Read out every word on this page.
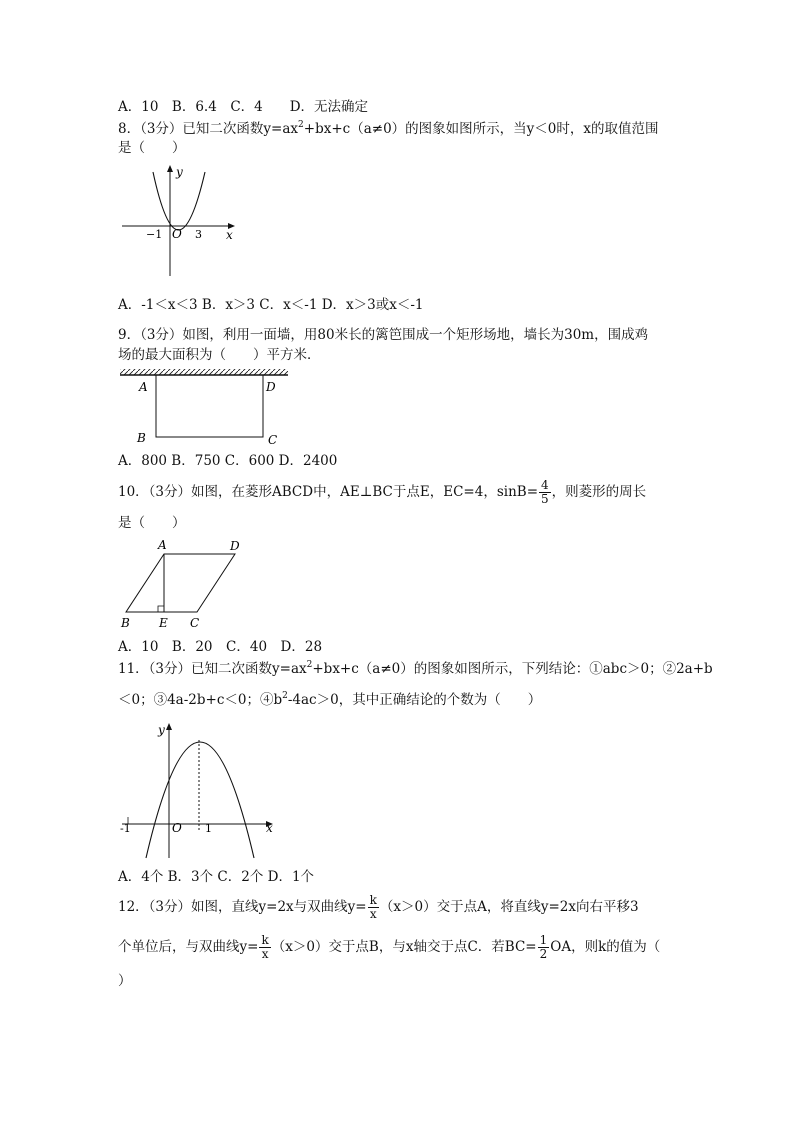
A．10　B．6.4　C．4　　D．无法确定
8．（3分）已知二次函数$y=ax^2+bx+c(a\ne 0)$的图象如图所示，当y＜0时，x的取值范围
是（　　）
y
x
−1 O 3
A．-1＜x＜3 B．x＞3 C．x＜-1 D．x＞3或x＜-1
9．（3分）如图，利用一面墙，用80米长的篱笆围成一个矩形场地，墙长为30m，围成鸡
场的最大面积为（　　）平方米．
A	D
B	C
A．800 B．750 C．600 D．2400
10．（3分）如图，在菱形ABCD中，AE⊥BC于点E，EC=4，$\sin B= \frac{4}{5}$ ，则菱形的周长
是（　　）
A	D
B E C
A．10　B．20　C．40　D．28
11．（3分）已知二次函数$y=ax^2+bx+c(a\ne 0)$的图象如图所示，下列结论：①abc＞0；②2a+b
＜0；③4a-2b+c＜0；$④b^2-4ac>0$，其中正确结论的个数为（　　）
y
x
-1	O 1
A．4个 B．3个 C．2个 D．1个
12．（3分）如图，直线y=2x与双曲线$y= \frac{k}{x} (x>0)$交于点A，将直线y=2x向右平移3
个单位后，与双曲线$y= \frac{k}{x} (x>0)$交于点B，与x轴交于点C．若$BC= \frac{1}{2}$ OA，则k的值为（
）
